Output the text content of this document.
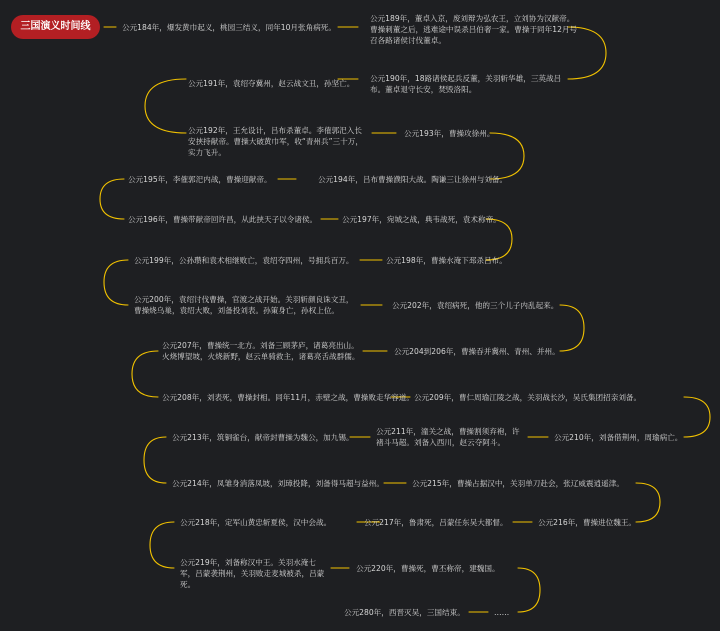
三国演义时间线	公元184年，爆发黄巾起义，桃园三结义，同年10月张角病死。
公元189年，董卓入京，废刘辩为弘农王，立刘协为汉献帝。曹操刺董之后，逃难途中误杀吕伯奢一家。曹操于同年12月号召各路诸侯讨伐董卓。
公元190年，18路诸侯起兵反董，关羽斩华雄，三英战吕布。董卓退守长安，焚毁洛阳。
公元191年，袁绍夺冀州，赵云战文丑，孙坚亡。
公元192年，王允设计，吕布杀董卓。李傕郭汜入长安挟持献帝。曹操大破黄巾军，收“青州兵”三十万，实力飞升。
公元193年，曹操攻徐州。
公元194年，吕布曹操濮阳大战。陶谦三让徐州与刘备。
公元195年，李傕郭汜内战，曹操迎献帝。
公元196年，曹操带献帝回许昌，从此挟天子以令诸侯。	公元197年，宛城之战，典韦战死，袁术称帝。
公元198年，曹操水淹下邳杀吕布。
公元199年，公孙瓒和袁术相继败亡，袁绍夺四州，号拥兵百万。
公元200年，袁绍讨伐曹操，官渡之战开始。关羽斩颜良诛文丑，曹操烧乌巢，袁绍大败，刘备投刘表。孙策身亡，孙权上位。
公元202年，袁绍病死，他的三个儿子内乱起来。
公元204到206年，曹操吞并冀州、青州、并州。
公元207年，曹操统一北方。刘备三顾茅庐，诸葛亮出山。火烧博望坡，火烧新野，赵云单骑救主，诸葛亮舌战群儒。
公元208年，刘表死，曹操封相。同年11月，赤壁之战，曹操败走华容道。 公元209年，曹仁周瑜江陵之战，关羽战长沙，吴氏集团招亲刘备。
公元210年，刘备借荆州，周瑜病亡。
公元211年，潼关之战，曹操割须弃袍，许褚斗马超。刘备入西川，赵云夺阿斗。
公元213年，筑铜雀台，献帝封曹操为魏公，加九锡。
公元214年，凤雏身消落凤坡，刘璋投降，刘备得马超与益州。	公元215年，曹操占据汉中，关羽单刀赴会，张辽威震逍遥津。
公元216年，曹操进位魏王。
公元217年，鲁肃死，吕蒙任东吴大都督。
公元218年，定军山黄忠斩夏侯，汉中会战。
公元219年，刘备称汉中王。关羽水淹七军，吕蒙袭荆州，关羽败走麦城被杀，吕蒙死。
公元220年，曹操死，曹丕称帝，建魏国。
公元280年，西晋灭吴，三国结束。	……
